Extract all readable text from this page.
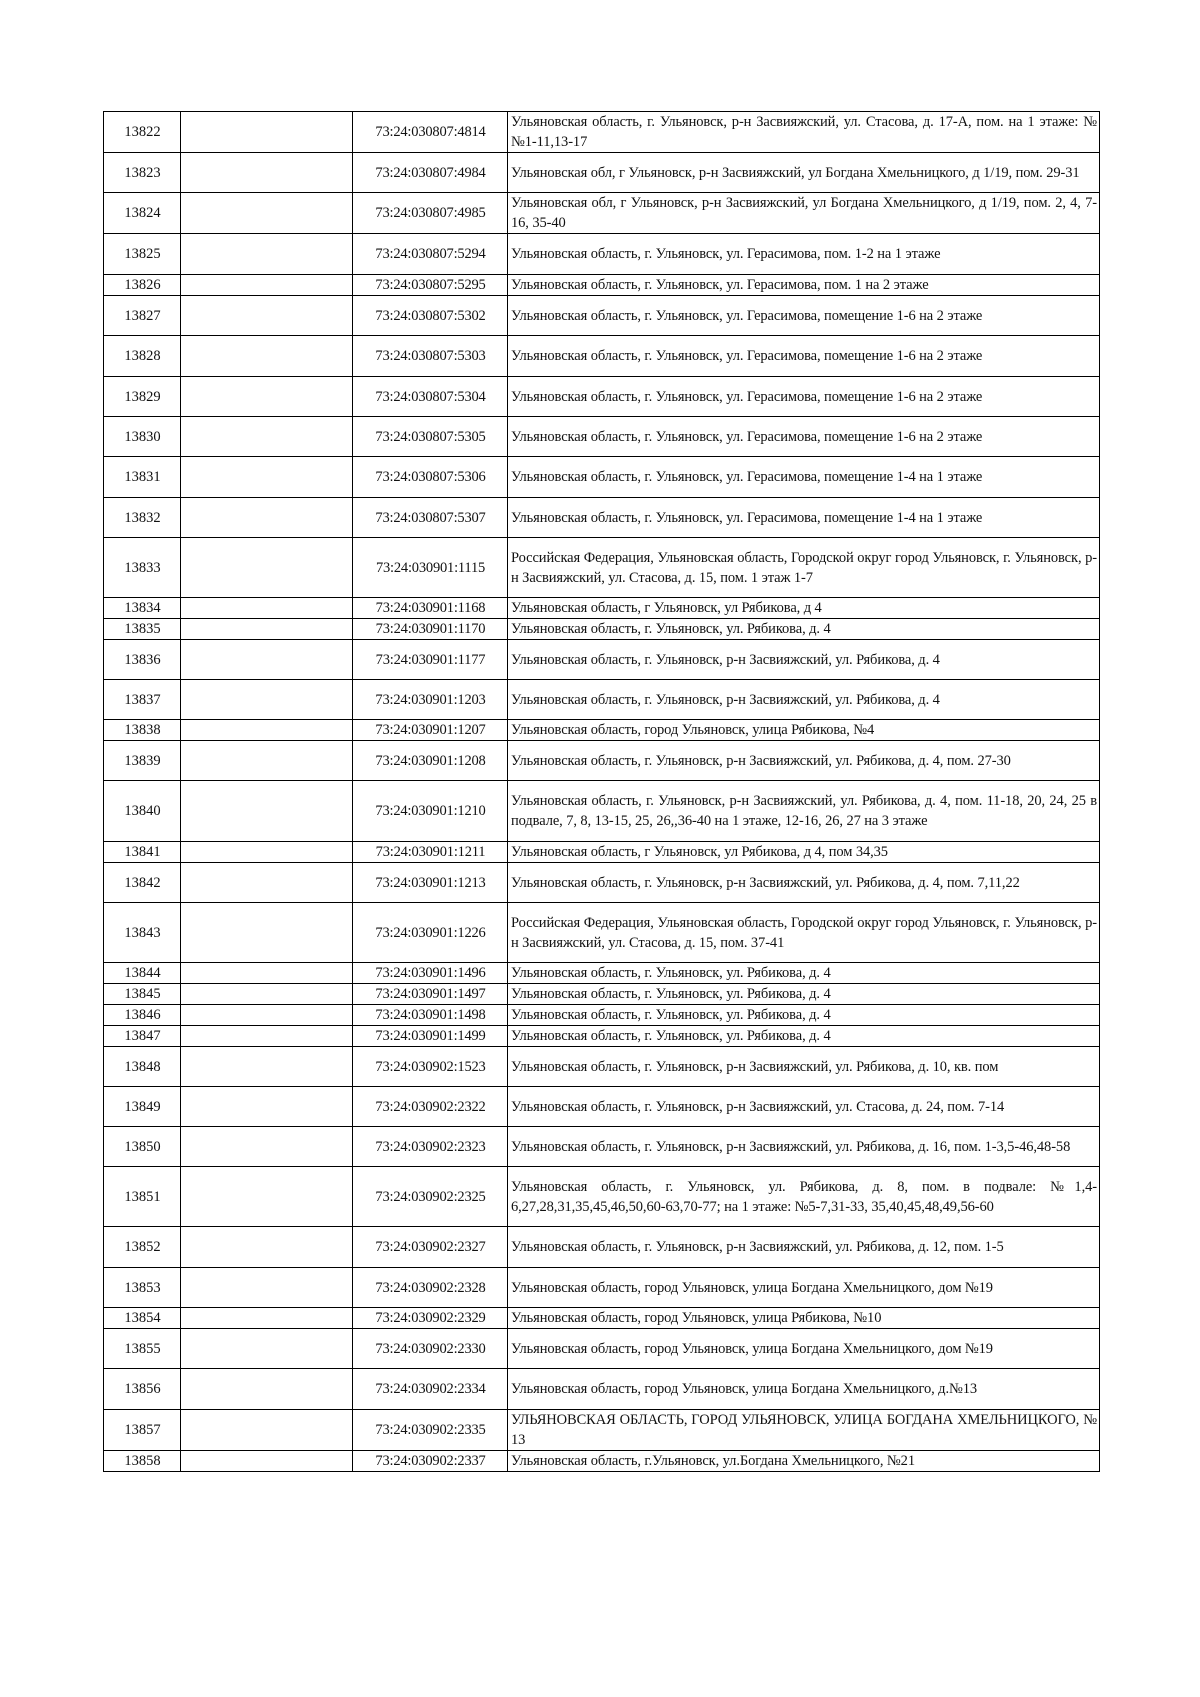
13822		73:24:030807:4814	Ульяновская область, г. Ульяновск, р-н Засвияжский, ул. Стасова, д. 17-А, пом. на 1 этаже: №№1-11,13-17
13823		73:24:030807:4984	Ульяновская обл, г Ульяновск, р-н Засвияжский, ул Богдана Хмельницкого, д 1/19, пом. 29-31
13824		73:24:030807:4985	Ульяновская обл, г Ульяновск, р-н Засвияжский, ул Богдана Хмельницкого, д 1/19, пом. 2, 4, 7-16, 35-40
13825		73:24:030807:5294	Ульяновская область, г. Ульяновск, ул. Герасимова, пом. 1-2 на 1 этаже
13826		73:24:030807:5295	Ульяновская область, г. Ульяновск, ул. Герасимова, пом. 1 на 2 этаже
13827		73:24:030807:5302	Ульяновская область, г. Ульяновск, ул. Герасимова, помещение 1-6 на 2 этаже
13828		73:24:030807:5303	Ульяновская область, г. Ульяновск, ул. Герасимова, помещение 1-6 на 2 этаже
13829		73:24:030807:5304	Ульяновская область, г. Ульяновск, ул. Герасимова, помещение 1-6 на 2 этаже
13830		73:24:030807:5305	Ульяновская область, г. Ульяновск, ул. Герасимова, помещение 1-6 на 2 этаже
13831		73:24:030807:5306	Ульяновская область, г. Ульяновск, ул. Герасимова, помещение 1-4 на 1 этаже
13832		73:24:030807:5307	Ульяновская область, г. Ульяновск, ул. Герасимова, помещение 1-4 на 1 этаже
13833		73:24:030901:1115	Российская Федерация, Ульяновская область, Городской округ город Ульяновск, г. Ульяновск, р-н Засвияжский, ул. Стасова, д. 15, пом. 1 этаж 1-7
13834		73:24:030901:1168	Ульяновская область, г Ульяновск, ул Рябикова, д 4
13835		73:24:030901:1170	Ульяновская область, г. Ульяновск, ул. Рябикова, д. 4
13836		73:24:030901:1177	Ульяновская область, г. Ульяновск, р-н Засвияжский, ул. Рябикова, д. 4
13837		73:24:030901:1203	Ульяновская область, г. Ульяновск, р-н Засвияжский, ул. Рябикова, д. 4
13838		73:24:030901:1207	Ульяновская область, город Ульяновск, улица Рябикова, №4
13839		73:24:030901:1208	Ульяновская область, г. Ульяновск, р-н Засвияжский, ул. Рябикова, д. 4, пом. 27-30
13840		73:24:030901:1210	Ульяновская область, г. Ульяновск, р-н Засвияжский, ул. Рябикова, д. 4, пом. 11-18, 20, 24, 25 в подвале, 7, 8, 13-15, 25, 26,,36-40 на 1 этаже, 12-16, 26, 27 на 3 этаже
13841		73:24:030901:1211	Ульяновская область, г Ульяновск, ул Рябикова, д 4, пом 34,35
13842		73:24:030901:1213	Ульяновская область, г. Ульяновск, р-н Засвияжский, ул. Рябикова, д. 4, пом. 7,11,22
13843		73:24:030901:1226	Российская Федерация, Ульяновская область, Городской округ город Ульяновск, г. Ульяновск, р-н Засвияжский, ул. Стасова, д. 15, пом. 37-41
13844		73:24:030901:1496	Ульяновская область, г. Ульяновск, ул. Рябикова, д. 4
13845		73:24:030901:1497	Ульяновская область, г. Ульяновск, ул. Рябикова, д. 4
13846		73:24:030901:1498	Ульяновская область, г. Ульяновск, ул. Рябикова, д. 4
13847		73:24:030901:1499	Ульяновская область, г. Ульяновск, ул. Рябикова, д. 4
13848		73:24:030902:1523	Ульяновская область, г. Ульяновск, р-н Засвияжский, ул. Рябикова, д. 10, кв. пом
13849		73:24:030902:2322	Ульяновская область, г. Ульяновск, р-н Засвияжский, ул. Стасова, д. 24, пом. 7-14
13850		73:24:030902:2323	Ульяновская область, г. Ульяновск, р-н Засвияжский, ул. Рябикова, д. 16, пом. 1-3,5-46,48-58
13851		73:24:030902:2325	Ульяновская область, г. Ульяновск, ул. Рябикова, д. 8, пом. в подвале: №1,4-6,27,28,31,35,45,46,50,60-63,70-77; на 1 этаже: №5-7,31-33, 35,40,45,48,49,56-60
13852		73:24:030902:2327	Ульяновская область, г. Ульяновск, р-н Засвияжский, ул. Рябикова, д. 12, пом. 1-5
13853		73:24:030902:2328	Ульяновская область, город Ульяновск, улица Богдана Хмельницкого, дом №19
13854		73:24:030902:2329	Ульяновская область, город Ульяновск, улица Рябикова, №10
13855		73:24:030902:2330	Ульяновская область, город Ульяновск, улица Богдана Хмельницкого, дом №19
13856		73:24:030902:2334	Ульяновская область, город Ульяновск, улица Богдана Хмельницкого, д.№13
13857		73:24:030902:2335	УЛЬЯНОВСКАЯ ОБЛАСТЬ, ГОРОД УЛЬЯНОВСК, УЛИЦА БОГДАНА ХМЕЛЬНИЦКОГО, № 13
13858		73:24:030902:2337	Ульяновская область, г.Ульяновск, ул.Богдана Хмельницкого, №21
